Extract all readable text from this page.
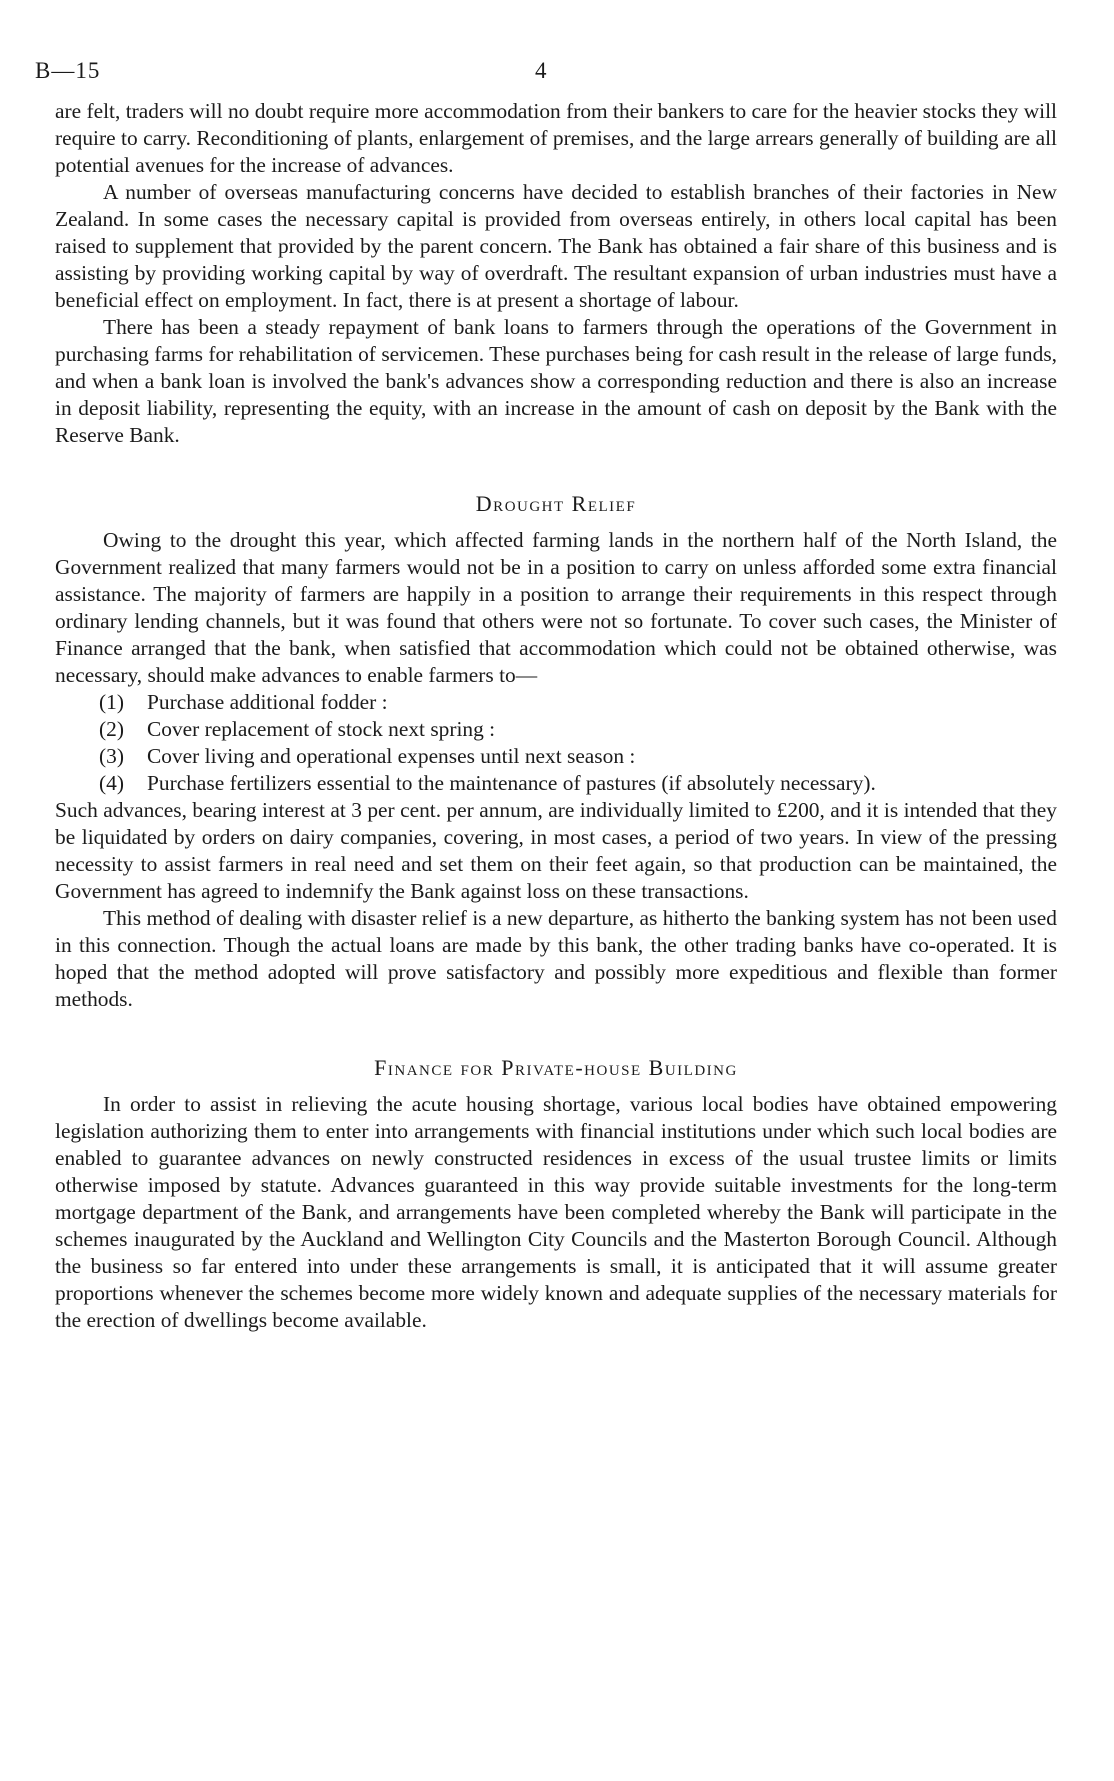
B—15	4

are felt, traders will no doubt require more accommodation from their bankers to care for the heavier stocks they will require to carry. Reconditioning of plants, enlargement of premises, and the large arrears generally of building are all potential avenues for the increase of advances.

A number of overseas manufacturing concerns have decided to establish branches of their factories in New Zealand. In some cases the necessary capital is provided from overseas entirely, in others local capital has been raised to supplement that provided by the parent concern. The Bank has obtained a fair share of this business and is assisting by providing working capital by way of overdraft. The resultant expansion of urban industries must have a beneficial effect on employment. In fact, there is at present a shortage of labour.

There has been a steady repayment of bank loans to farmers through the operations of the Government in purchasing farms for rehabilitation of servicemen. These purchases being for cash result in the release of large funds, and when a bank loan is involved the bank's advances show a corresponding reduction and there is also an increase in deposit liability, representing the equity, with an increase in the amount of cash on deposit by the Bank with the Reserve Bank.

Drought Relief

Owing to the drought this year, which affected farming lands in the northern half of the North Island, the Government realized that many farmers would not be in a position to carry on unless afforded some extra financial assistance. The majority of farmers are happily in a position to arrange their requirements in this respect through ordinary lending channels, but it was found that others were not so fortunate. To cover such cases, the Minister of Finance arranged that the bank, when satisfied that accommodation which could not be obtained otherwise, was necessary, should make advances to enable farmers to—

(1)	Purchase additional fodder :
(2)	Cover replacement of stock next spring :
(3)	Cover living and operational expenses until next season :
(4)	Purchase fertilizers essential to the maintenance of pastures (if absolutely necessary).

Such advances, bearing interest at 3 per cent. per annum, are individually limited to £200, and it is intended that they be liquidated by orders on dairy companies, covering, in most cases, a period of two years. In view of the pressing necessity to assist farmers in real need and set them on their feet again, so that production can be maintained, the Government has agreed to indemnify the Bank against loss on these transactions.

This method of dealing with disaster relief is a new departure, as hitherto the banking system has not been used in this connection. Though the actual loans are made by this bank, the other trading banks have co-operated. It is hoped that the method adopted will prove satisfactory and possibly more expeditious and flexible than former methods.

Finance for Private-house Building

In order to assist in relieving the acute housing shortage, various local bodies have obtained empowering legislation authorizing them to enter into arrangements with financial institutions under which such local bodies are enabled to guarantee advances on newly constructed residences in excess of the usual trustee limits or limits otherwise imposed by statute. Advances guaranteed in this way provide suitable investments for the long-term mortgage department of the Bank, and arrangements have been completed whereby the Bank will participate in the schemes inaugurated by the Auckland and Wellington City Councils and the Masterton Borough Council. Although the business so far entered into under these arrangements is small, it is anticipated that it will assume greater proportions whenever the schemes become more widely known and adequate supplies of the necessary materials for the erection of dwellings become available.
